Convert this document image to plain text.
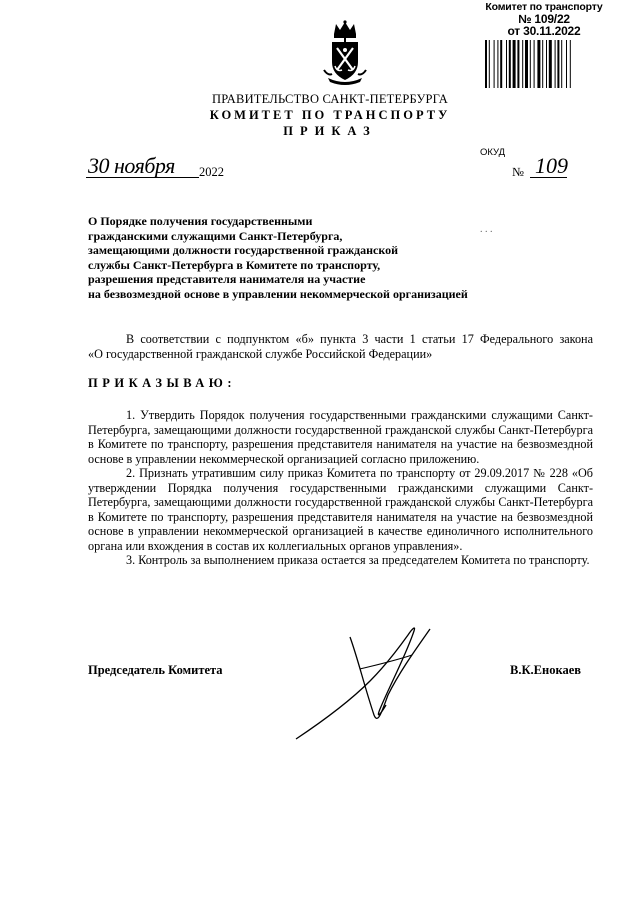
Комитет по транспорту
№ 109/22
от 30.11.2022
ПРАВИТЕЛЬСТВО САНКТ-ПЕТЕРБУРГА
КОМИТЕТ ПО ТРАНСПОРТУ
ПРИКАЗ
ОКУД
30 ноября 2022	№ 109
О Порядке получения государственными
гражданскими служащими Санкт-Петербурга,
замещающими должности государственной гражданской
службы Санкт-Петербурга в Комитете по транспорту,
разрешения представителя нанимателя на участие
на безвозмездной основе в управлении некоммерческой организацией
. . .
В соответствии с подпунктом «б» пункта 3 части 1 статьи 17 Федерального закона
«О государственной гражданской службе Российской Федерации»
ПРИКАЗЫВАЮ:

1. Утвердить Порядок получения государственными гражданскими служащими Санкт-Петербурга, замещающими должности государственной гражданской службы Санкт-Петербурга в Комитете по транспорту, разрешения представителя нанимателя на участие на безвозмездной основе в управлении некоммерческой организацией согласно приложению.

2. Признать утратившим силу приказ Комитета по транспорту от 29.09.2017 № 228 «Об утверждении Порядка получения государственными гражданскими служащими Санкт-Петербурга, замещающими должности государственной гражданской службы Санкт-Петербурга в Комитете по транспорту, разрешения представителя нанимателя на участие на безвозмездной основе в управлении некоммерческой организацией в качестве единоличного исполнительного органа или вхождения в состав их коллегиальных органов управления».

3. Контроль за выполнением приказа остается за председателем Комитета по транспорту.

Председатель Комитета	В.К.Енокаев
